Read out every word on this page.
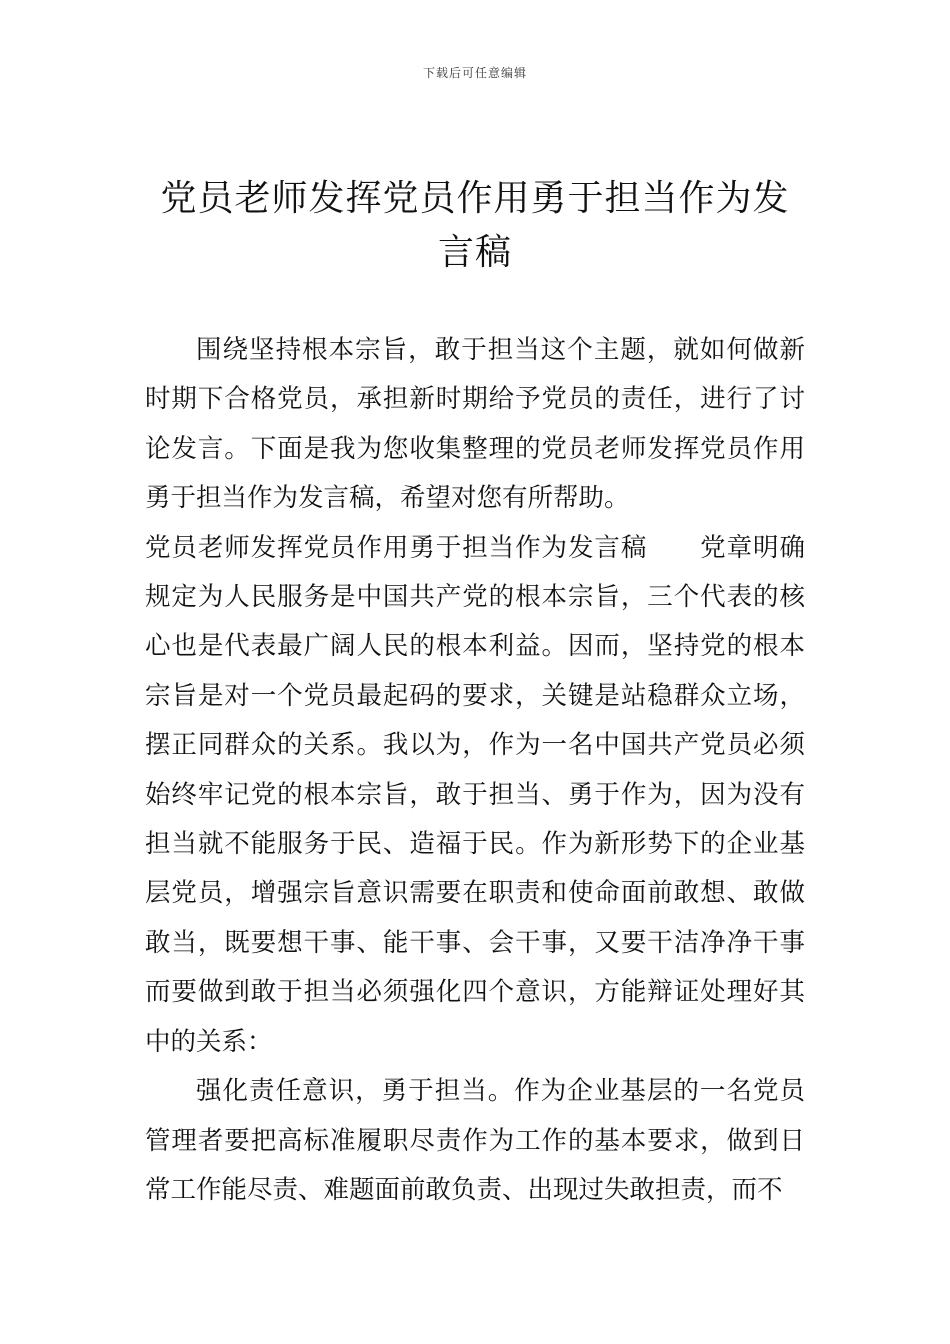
下载后可任意编辑
党员老师发挥党员作用勇于担当作为发言稿

围绕坚持根本宗旨，敢于担当这个主题，就如何做新时期下合格党员，承担新时期给予党员的责任，进行了讨论发言。下面是我为您收集整理的党员老师发挥党员作用勇于担当作为发言稿，希望对您有所帮助。

党员老师发挥党员作用勇于担当作为发言稿　　党章明确规定为人民服务是中国共产党的根本宗旨，三个代表的核心也是代表最广阔人民的根本利益。因而，坚持党的根本宗旨是对一个党员最起码的要求，关键是站稳群众立场，摆正同群众的关系。我以为，作为一名中国共产党员必须始终牢记党的根本宗旨，敢于担当、勇于作为，因为没有担当就不能服务于民、造福于民。作为新形势下的企业基层党员，增强宗旨意识需要在职责和使命面前敢想、敢做敢当，既要想干事、能干事、会干事，又要干洁净净干事而要做到敢于担当必须强化四个意识，方能辩证处理好其中的关系：

强化责任意识，勇于担当。作为企业基层的一名党员管理者要把高标准履职尽责作为工作的基本要求，做到日常工作能尽责、难题面前敢负责、出现过失敢担责，而不
